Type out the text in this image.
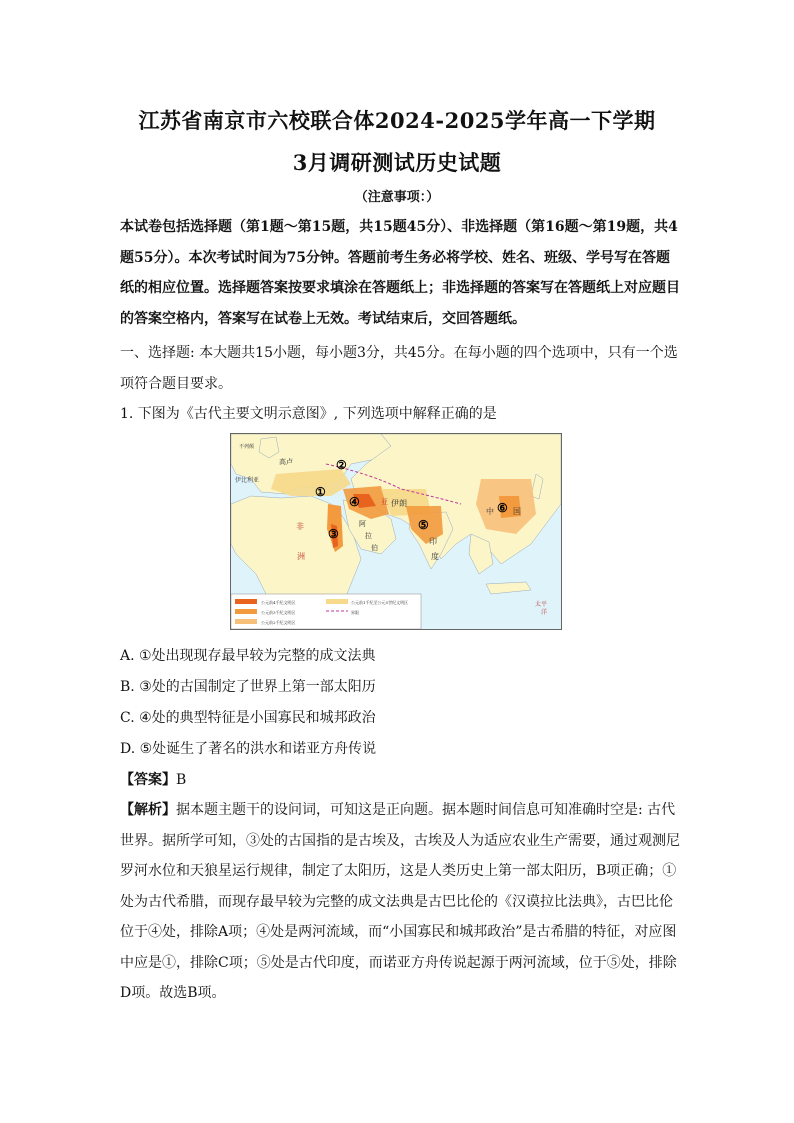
江苏省南京市六校联合体2024-2025学年高一下学期
3月调研测试历史试题
（注意事项：）
本试卷包括选择题（第1题～第15题，共15题45分）、非选择题（第16题～第19题，共4题55分）。本次考试时间为75分钟。答题前考生务必将学校、姓名、班级、学号写在答题纸的相应位置。选择题答案按要求填涂在答题纸上；非选择题的答案写在答题纸上对应题目的答案空格内，答案写在试卷上无效。考试结束后，交回答题纸。
一、选择题: 本大题共15小题，每小题3分，共45分。在每小题的四个选项中，只有一个选项符合题目要求。
1. 下图为《古代主要文明示意图》, 下列选项中解释正确的是
①
②
③
④
⑤
⑥
不列颠
高卢
伊比利亚
伊朗
印
度
中 国
阿
拉
伯
非
洲
亚
太平
洋
公元前4千纪文明区	公元前1千纪至公元5世纪文明区
公元前3千纪文明区	界限
公元前2千纪文明区
A. ①处出现现存最早较为完整的成文法典
B. ③处的古国制定了世界上第一部太阳历
C. ④处的典型特征是小国寡民和城邦政治
D. ⑤处诞生了著名的洪水和诺亚方舟传说
【答案】B
【解析】据本题主题干的设问词，可知这是正向题。据本题时间信息可知准确时空是: 古代世界。据所学可知，③处的古国指的是古埃及，古埃及人为适应农业生产需要，通过观测尼罗河水位和天狼星运行规律，制定了太阳历，这是人类历史上第一部太阳历，B项正确；①处为古代希腊，而现存最早较为完整的成文法典是古巴比伦的《汉谟拉比法典》，古巴比伦位于④处，排除A项；④处是两河流域，而“小国寡民和城邦政治”是古希腊的特征，对应图中应是①，排除C项；⑤处是古代印度，而诺亚方舟传说起源于两河流域，位于⑤处，排除D项。故选B项。
